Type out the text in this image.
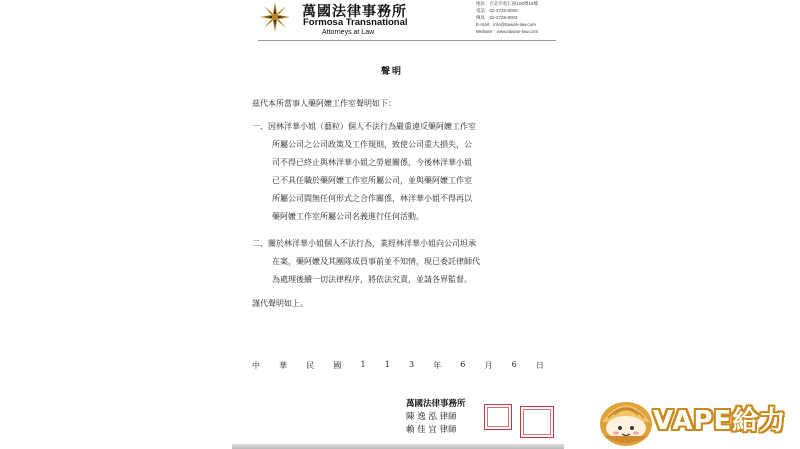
萬國法律事務所
Formosa Transnational
Attorneys at Law
地址：台北市松仁路100號15樓
電話：02-2728-8000
傳真：02-2728-8003
E-mail：info@taiwan-law.com
Website：www.taiwan-law.com
聲明
茲代本所當事人藥阿嬤工作室聲明如下：
一、因林洋華小姐（藝粒）個人不法行為嚴重違反藥阿嬤工作室
所屬公司之公司政策及工作規則，致使公司重大損失，公
司不得已終止與林洋華小姐之勞雇關係，今後林洋華小姐
已不具任職於藥阿嬤工作室所屬公司，並與藥阿嬤工作室
所屬公司間無任何形式之合作關係，林洋華小姐不得再以
藥阿嬤工作室所屬公司名義進行任何活動。
二、關於林洋華小姐個人不法行為，業經林洋華小姐向公司坦承
在案，藥阿嬤及其團隊成員事前並不知情，現已委託律師代
為處理後續一切法律程序，將依法究責，並請各界監督。
謹代聲明如上。
中 華 民 國 1 1 3 年 6 月 6 日
萬國法律事務所
陳 逸 泓 律師
賴 佳 宜 律師	VAPE給力
